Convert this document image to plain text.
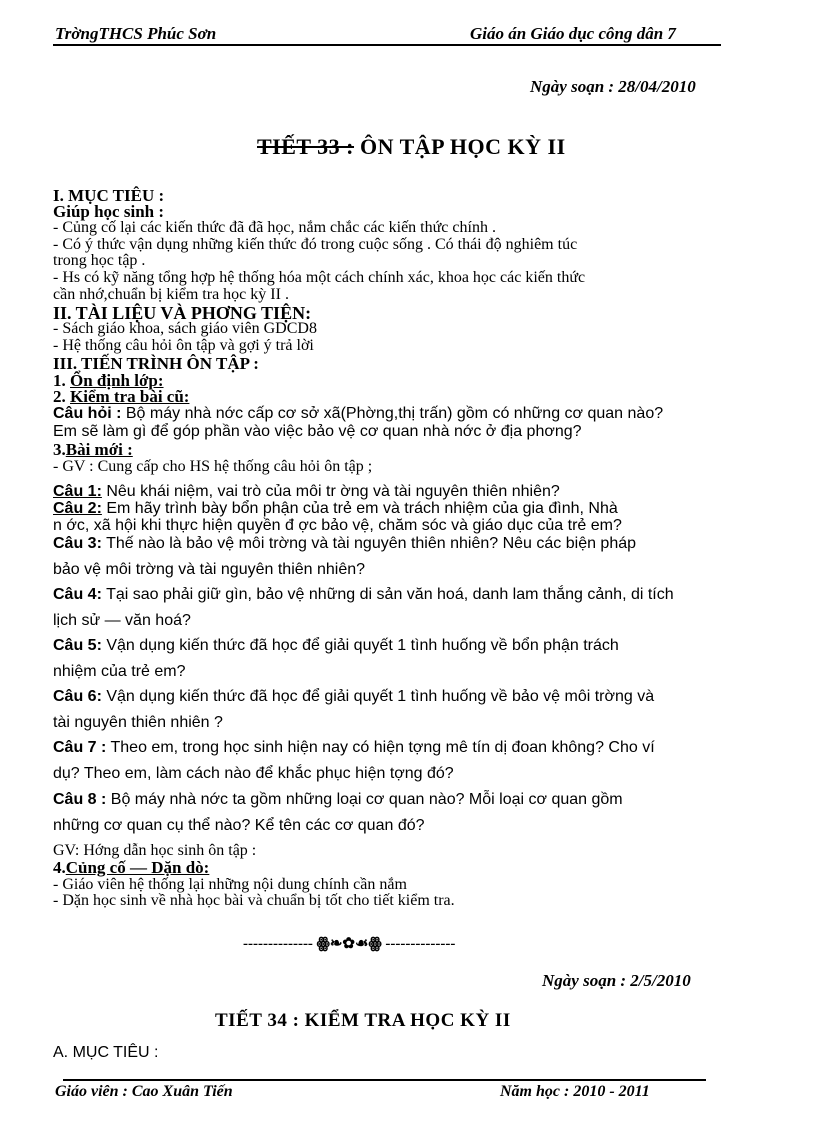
TrờngTHCS Phúc Sơn	Giáo án Giáo dục công dân 7
Ngày soạn : 28/04/2010
TIẾT 33 : ÔN TẬP HỌC KỲ II
I. MỤC TIÊU :
Giúp học sinh :
- Củng cố lại các kiến thức đã đã học, nắm chắc các kiến thức chính .
- Có ý thức vận dụng những kiến thức đó trong cuộc sống . Có thái độ nghiêm túc
trong học tập .
- Hs có kỹ năng tổng hợp hệ thống hóa một cách chính xác, khoa học các kiến thức
cần nhớ,chuẩn bị kiểm tra học kỳ II .
II. TÀI LIỆU VÀ PHƠNG TIỆN:
- Sách giáo khoa, sách giáo viên GDCD8
- Hệ thống câu hỏi ôn tập và gợi ý trả lời
III. TIẾN TRÌNH ÔN TẬP :
1. Ổn định lớp:
2. Kiểm tra bài cũ:
Câu hỏi : Bộ máy nhà nớc cấp cơ sở xã(Phờng,thị trấn) gồm có những cơ quan nào?
Em sẽ làm gì để góp phần vào việc bảo vệ cơ quan nhà nớc ở địa phơng?
3.Bài mới :
- GV : Cung cấp cho HS hệ thống câu hỏi ôn tập ;
Câu 1: Nêu khái niệm, vai trò của môi tr ờng và tài nguyên thiên nhiên?
Câu 2: Em hãy trình bày bổn phận của trẻ em và trách nhiệm của gia đình, Nhà
n ớc, xã hội khi thực hiện quyền đ ợc bảo vệ, chăm sóc và giáo dục của trẻ em?
Câu 3: Thế nào là bảo vệ môi trờng và tài nguyên thiên nhiên? Nêu các biện pháp
bảo vệ môi trờng và tài nguyên thiên nhiên?
Câu 4: Tại sao phải giữ gìn, bảo vệ những di sản văn hoá, danh lam thắng cảnh, di tích
lịch sử — văn hoá?
Câu 5: Vận dụng kiến thức đã học để giải quyết 1 tình huống về bổn phận trách
nhiệm của trẻ em?
Câu 6: Vận dụng kiến thức đã học để giải quyết 1 tình huống về bảo vệ môi trờng và
tài nguyên thiên nhiên ?
Câu 7 : Theo em, trong học sinh hiện nay có hiện tợng mê tín dị đoan không? Cho ví
dụ? Theo em, làm cách nào để khắc phục hiện tợng đó?
Câu 8 : Bộ máy nhà nớc ta gồm những loại cơ quan nào? Mỗi loại cơ quan gồm
những cơ quan cụ thể nào? Kể tên các cơ quan đó?
GV: Hớng dẫn học sinh ôn tập :
4.Củng cố — Dặn dò:
- Giáo viên hệ thống lại những nội dung chính cần nắm
- Dặn học sinh về nhà học bài và chuẩn bị tốt cho tiết kiểm tra.
-------------- ꙮ❧✿☙ꙮ --------------
Ngày soạn : 2/5/2010
TIẾT 34 : KIỂM TRA HỌC KỲ II
A. MỤC TIÊU :
Giáo viên : Cao Xuân Tiến	Năm học : 2010 - 2011
